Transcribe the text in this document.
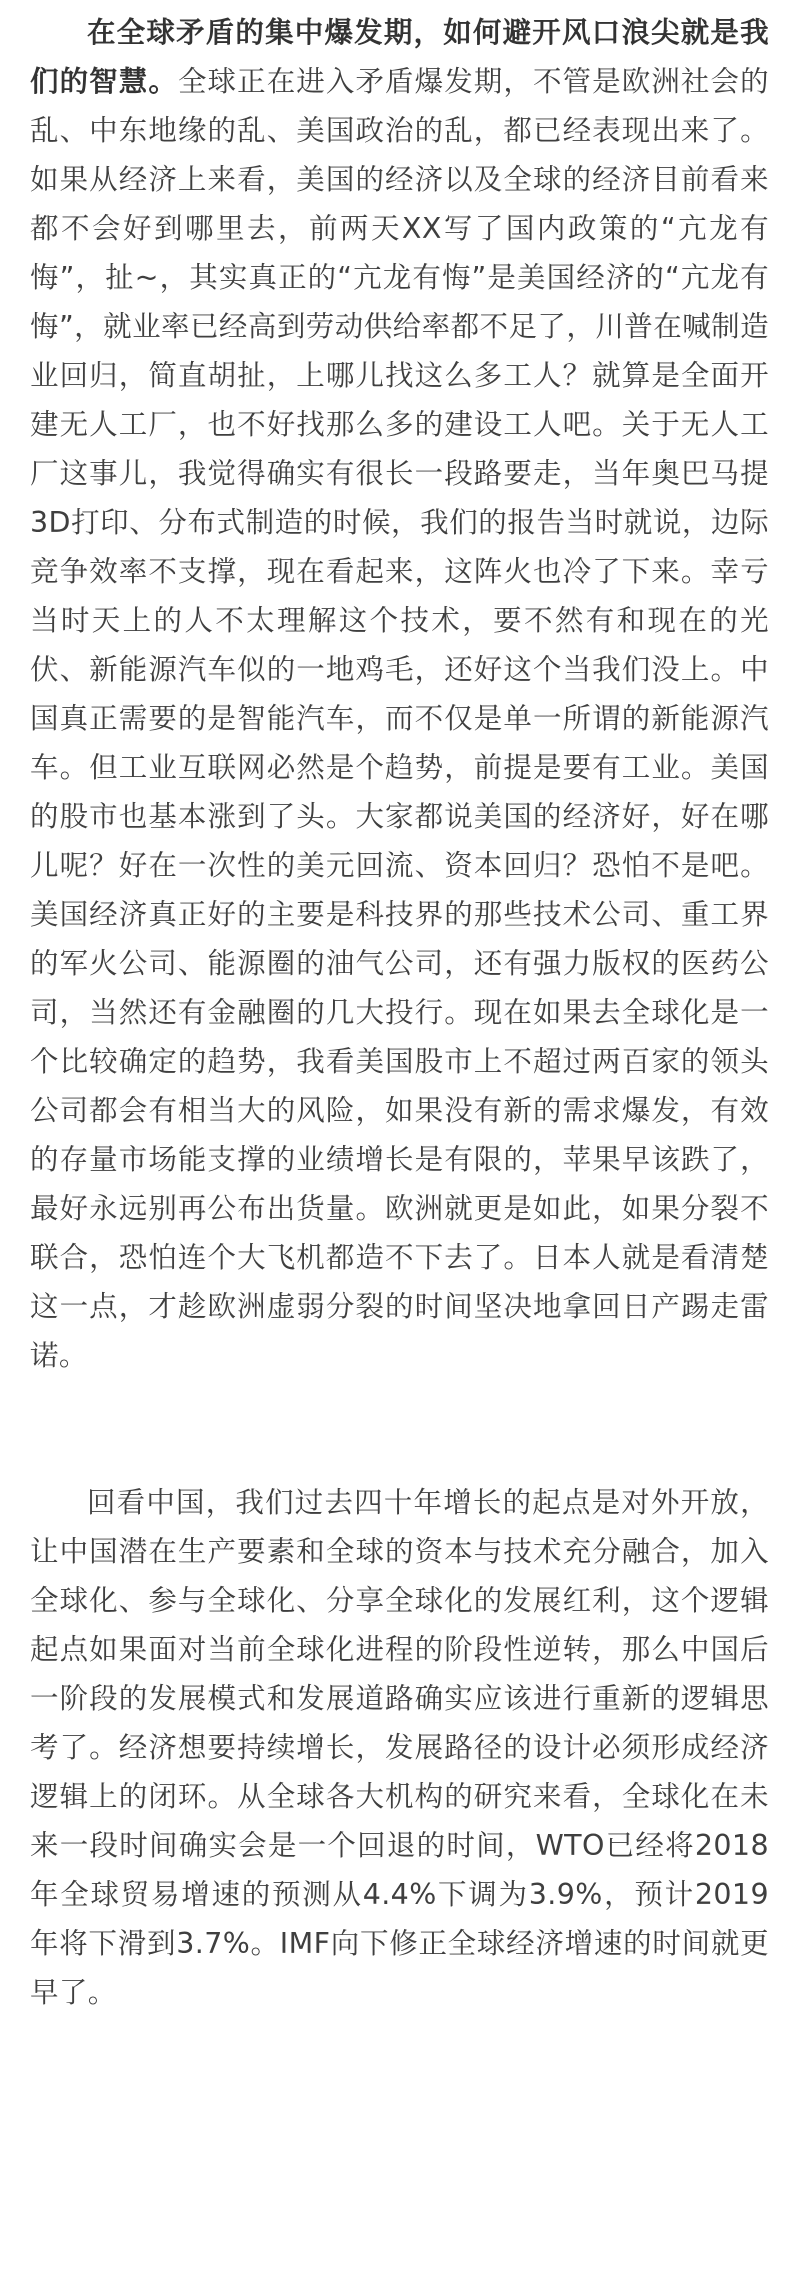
在全球矛盾的集中爆发期，如何避开风口浪尖就是我们的智慧。全球正在进入矛盾爆发期，不管是欧洲社会的乱、中东地缘的乱、美国政治的乱，都已经表现出来了。如果从经济上来看，美国的经济以及全球的经济目前看来都不会好到哪里去，前两天XX写了国内政策的“亢龙有悔”，扯~，其实真正的“亢龙有悔”是美国经济的“亢龙有悔”，就业率已经高到劳动供给率都不足了，川普在喊制造业回归，简直胡扯，上哪儿找这么多工人？就算是全面开建无人工厂，也不好找那么多的建设工人吧。关于无人工厂这事儿，我觉得确实有很长一段路要走，当年奥巴马提3D打印、分布式制造的时候，我们的报告当时就说，边际竞争效率不支撑，现在看起来，这阵火也冷了下来。幸亏当时天上的人不太理解这个技术，要不然有和现在的光伏、新能源汽车似的一地鸡毛，还好这个当我们没上。中国真正需要的是智能汽车，而不仅是单一所谓的新能源汽车。但工业互联网必然是个趋势，前提是要有工业。美国的股市也基本涨到了头。大家都说美国的经济好，好在哪儿呢？好在一次性的美元回流、资本回归？恐怕不是吧。美国经济真正好的主要是科技界的那些技术公司、重工界的军火公司、能源圈的油气公司，还有强力版权的医药公司，当然还有金融圈的几大投行。现在如果去全球化是一个比较确定的趋势，我看美国股市上不超过两百家的领头公司都会有相当大的风险，如果没有新的需求爆发，有效的存量市场能支撑的业绩增长是有限的，苹果早该跌了，最好永远别再公布出货量。欧洲就更是如此，如果分裂不联合，恐怕连个大飞机都造不下去了。日本人就是看清楚这一点，才趁欧洲虚弱分裂的时间坚决地拿回日产踢走雷诺。

回看中国，我们过去四十年增长的起点是对外开放，让中国潜在生产要素和全球的资本与技术充分融合，加入全球化、参与全球化、分享全球化的发展红利，这个逻辑起点如果面对当前全球化进程的阶段性逆转，那么中国后一阶段的发展模式和发展道路确实应该进行重新的逻辑思考了。经济想要持续增长，发展路径的设计必须形成经济逻辑上的闭环。从全球各大机构的研究来看，全球化在未来一段时间确实会是一个回退的时间，WTO已经将2018年全球贸易增速的预测从4.4%下调为3.9%，预计2019年将下滑到3.7%。IMF向下修正全球经济增速的时间就更早了。
